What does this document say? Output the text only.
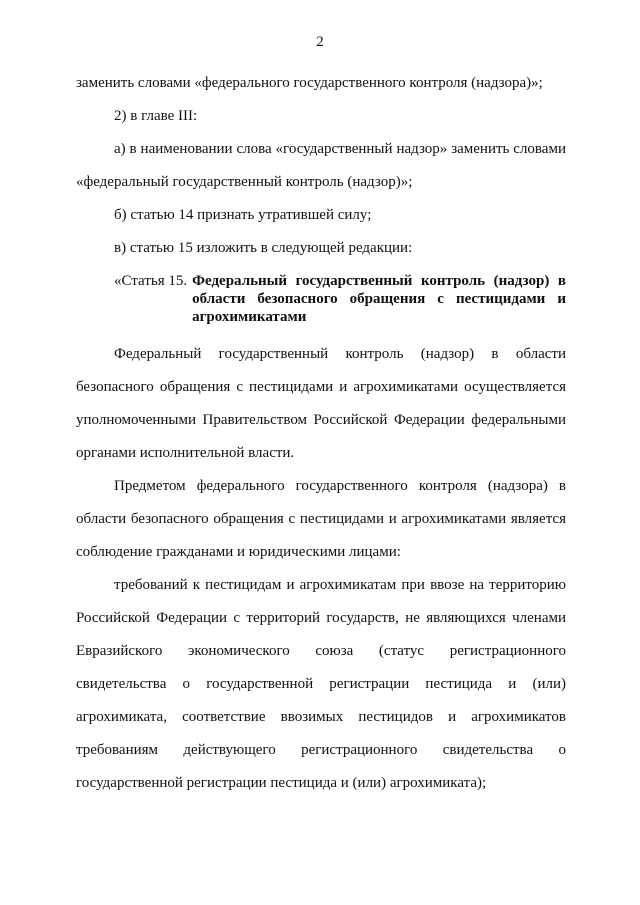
2

заменить словами «федерального государственного контроля (надзора)»;

2) в главе III:

а) в наименовании слова «государственный надзор» заменить словами «федеральный государственный контроль (надзор)»;

б) статью 14 признать утратившей силу;

в) статью 15 изложить в следующей редакции:

«Статья 15. Федеральный государственный контроль (надзор) в области безопасного обращения с пестицидами и агрохимикатами

Федеральный государственный контроль (надзор) в области безопасного обращения с пестицидами и агрохимикатами осуществляется уполномоченными Правительством Российской Федерации федеральными органами исполнительной власти.

Предметом федерального государственного контроля (надзора) в области безопасного обращения с пестицидами и агрохимикатами является соблюдение гражданами и юридическими лицами:

требований к пестицидам и агрохимикатам при ввозе на территорию Российской Федерации с территорий государств, не являющихся членами Евразийского экономического союза (статус регистрационного свидетельства о государственной регистрации пестицида и (или) агрохимиката, соответствие ввозимых пестицидов и агрохимикатов требованиям действующего регистрационного свидетельства о государственной регистрации пестицида и (или) агрохимиката);
